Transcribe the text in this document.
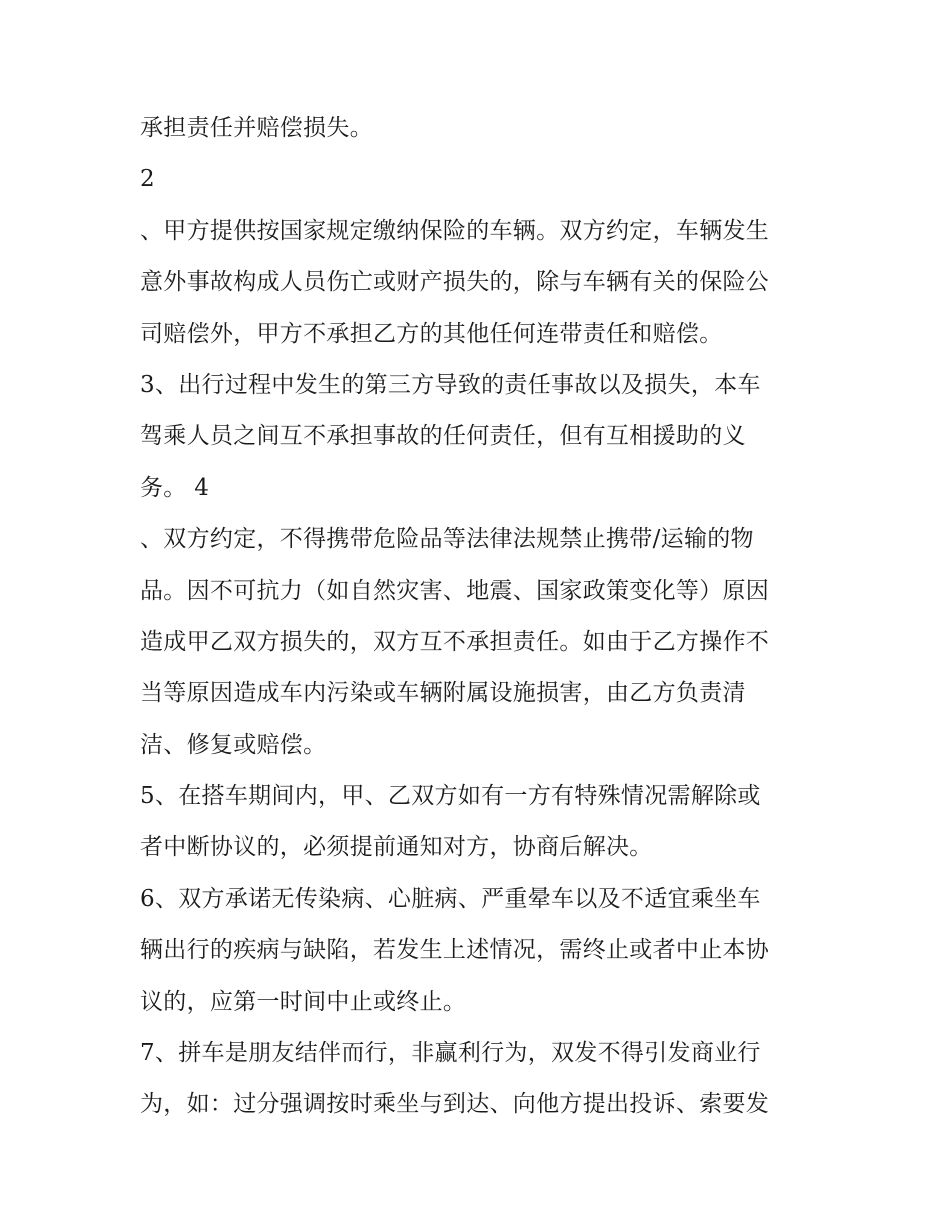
承担责任并赔偿损失。
2
、甲方提供按国家规定缴纳保险的车辆。双方约定，车辆发生
意外事故构成人员伤亡或财产损失的，除与车辆有关的保险公
司赔偿外，甲方不承担乙方的其他任何连带责任和赔偿。
3、出行过程中发生的第三方导致的责任事故以及损失，本车
驾乘人员之间互不承担事故的任何责任，但有互相援助的义
务。 4
、双方约定，不得携带危险品等法律法规禁止携带/运输的物
品。因不可抗力（如自然灾害、地震、国家政策变化等）原因
造成甲乙双方损失的，双方互不承担责任。如由于乙方操作不
当等原因造成车内污染或车辆附属设施损害，由乙方负责清
洁、修复或赔偿。
5、在搭车期间内，甲、乙双方如有一方有特殊情况需解除或
者中断协议的，必须提前通知对方，协商后解决。
6、双方承诺无传染病、心脏病、严重晕车以及不适宜乘坐车
辆出行的疾病与缺陷，若发生上述情况，需终止或者中止本协
议的，应第一时间中止或终止。
7、拼车是朋友结伴而行，非赢利行为，双发不得引发商业行
为，如：过分强调按时乘坐与到达、向他方提出投诉、索要发
